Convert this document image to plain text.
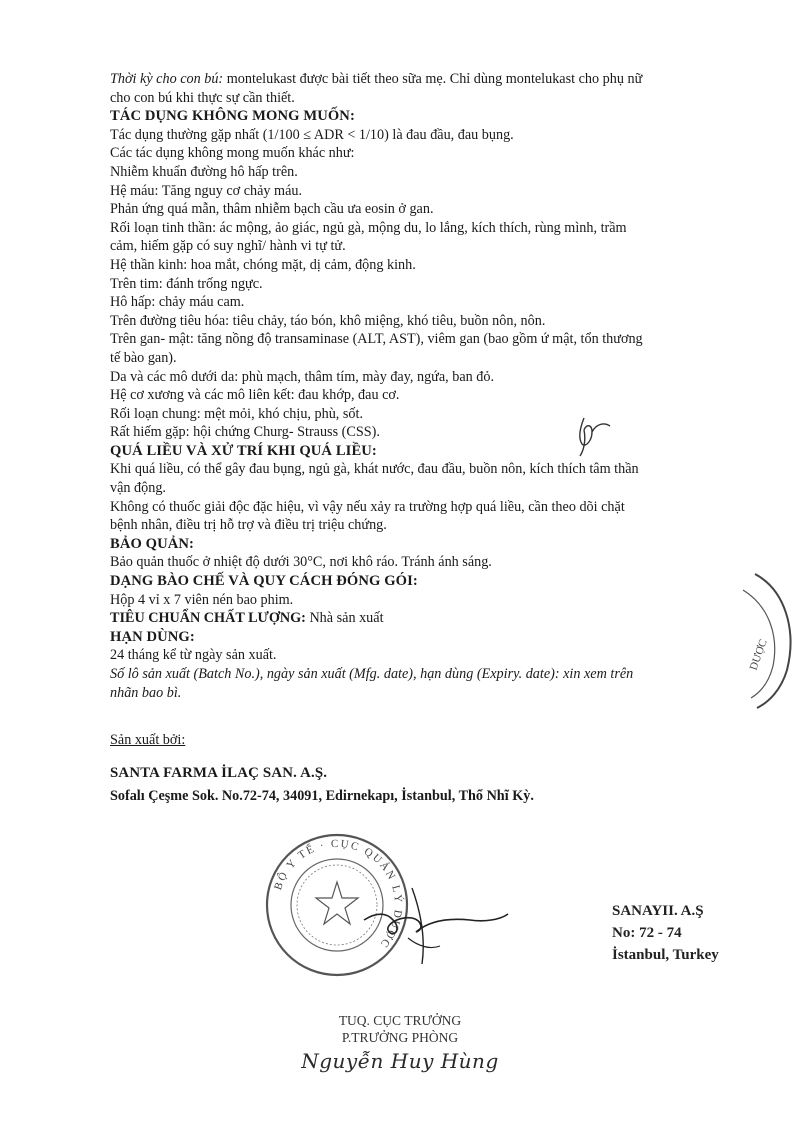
Thời kỳ cho con bú: montelukast được bài tiết theo sữa mẹ. Chỉ dùng montelukast cho phụ nữ
cho con bú khi thực sự cần thiết.
TÁC DỤNG KHÔNG MONG MUỐN:
Tác dụng thường gặp nhất (1/100 ≤ ADR < 1/10) là đau đầu, đau bụng.
Các tác dụng không mong muốn khác như:
Nhiễm khuẩn đường hô hấp trên.
Hệ máu: Tăng nguy cơ chảy máu.
Phản ứng quá mẫn, thâm nhiễm bạch cầu ưa eosin ở gan.
Rối loạn tinh thần: ác mộng, ảo giác, ngủ gà, mộng du, lo lắng, kích thích, rùng mình, trầm
cảm, hiếm gặp có suy nghĩ/ hành vi tự tử.
Hệ thần kinh: hoa mắt, chóng mặt, dị cảm, động kinh.
Trên tim: đánh trống ngực.
Hô hấp: chảy máu cam.
Trên đường tiêu hóa: tiêu chảy, táo bón, khô miệng, khó tiêu, buồn nôn, nôn.
Trên gan- mật: tăng nồng độ transaminase (ALT, AST), viêm gan (bao gồm ứ mật, tổn thương
tế bào gan).
Da và các mô dưới da: phù mạch, thâm tím, mày đay, ngứa, ban đỏ.
Hệ cơ xương và các mô liên kết: đau khớp, đau cơ.
Rối loạn chung: mệt mỏi, khó chịu, phù, sốt.
Rất hiếm gặp: hội chứng Churg- Strauss (CSS).
QUÁ LIỀU VÀ XỬ TRÍ KHI QUÁ LIỀU:
Khi quá liều, có thể gây đau bụng, ngủ gà, khát nước, đau đầu, buồn nôn, kích thích tâm thần
vận động.
Không có thuốc giải độc đặc hiệu, vì vậy nếu xảy ra trường hợp quá liều, cần theo dõi chặt
bệnh nhân, điều trị hỗ trợ và điều trị triệu chứng.
BẢO QUẢN:
Bảo quản thuốc ở nhiệt độ dưới 30°C, nơi khô ráo. Tránh ánh sáng.
DẠNG BÀO CHẾ VÀ QUY CÁCH ĐÓNG GÓI:
Hộp 4 vỉ x 7 viên nén bao phim.
TIÊU CHUẨN CHẤT LƯỢNG: Nhà sản xuất
HẠN DÙNG:
24 tháng kể từ ngày sản xuất.
Số lô sản xuất (Batch No.), ngày sản xuất (Mfg. date), hạn dùng (Expiry. date): xin xem trên
nhãn bao bì.
Sản xuất bởi:
SANTA FARMA İLAÇ SAN. A.Ş.
Sofalı Çeşme Sok. No.72-74, 34091, Edirnekapı, İstanbul, Thổ Nhĩ Kỳ.
DƯỢC
BỘ Y TẾ · CỤC QUẢN LÝ DƯỢC
SANAYII. A.Ş
No: 72 - 74
İstanbul, Turkey
TUQ. CỤC TRƯỞNG
P.TRƯỞNG PHÒNG
Nguyễn Huy Hùng
